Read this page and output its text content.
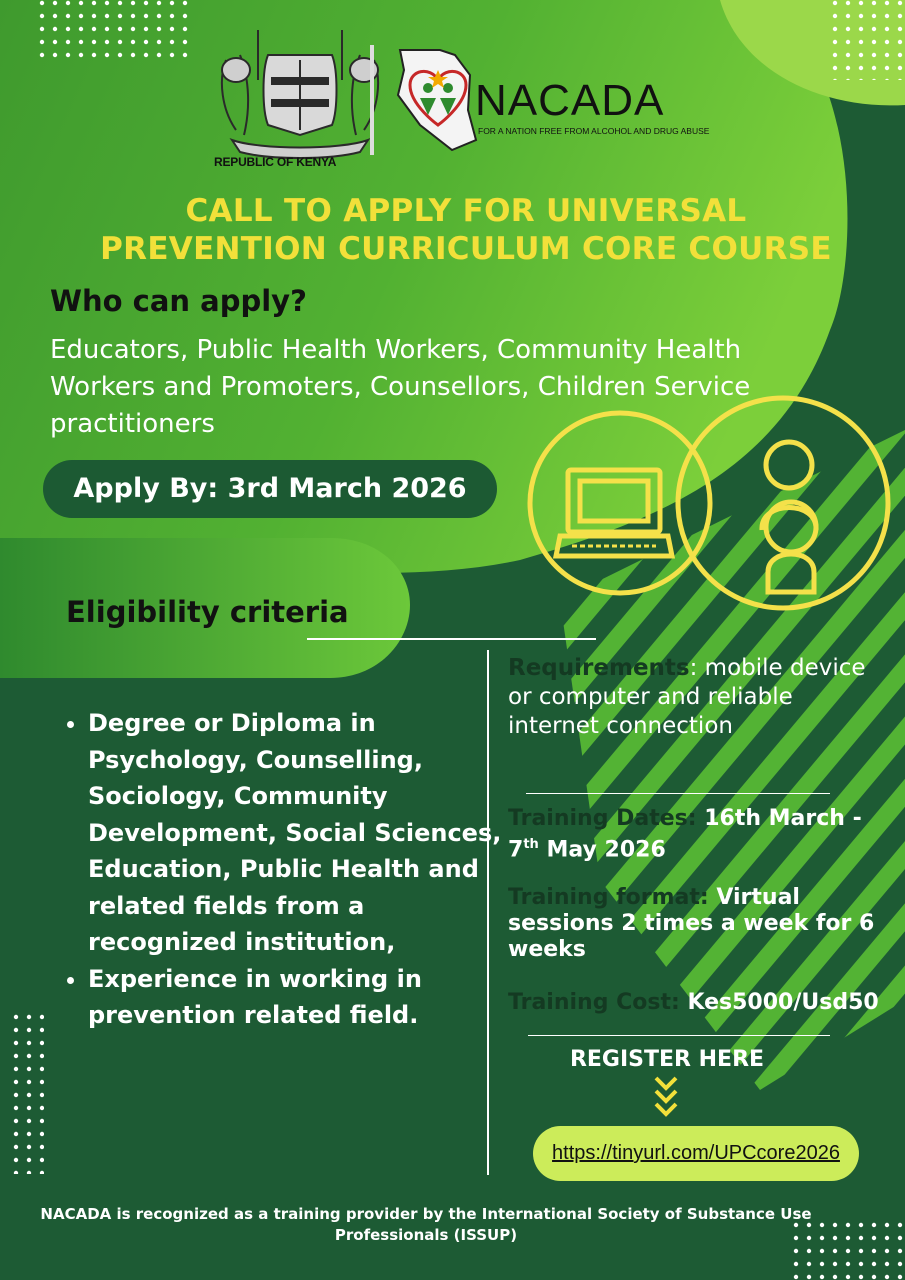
REPUBLIC OF KENYA
NACADA
FOR A NATION FREE FROM ALCOHOL AND DRUG ABUSE
CALL TO APPLY FOR UNIVERSAL
PREVENTION CURRICULUM CORE COURSE
Who can apply?
Educators, Public Health Workers, Community Health Workers and Promoters, Counsellors, Children Service practitioners
Apply By: 3rd March 2026
Eligibility criteria
• Degree or Diploma in Psychology, Counselling, Sociology, Community Development, Social Sciences, Education, Public Health and related fields from a recognized institution,
• Experience in working in prevention related field.
Requirements: mobile device or computer and reliable internet connection
Training Dates: 16th March - 7th May 2026
Training format: Virtual sessions 2 times a week for 6 weeks
Training Cost: Kes5000/Usd50
REGISTER HERE
https://tinyurl.com/UPCcore2026
NACADA is recognized as a training provider by the International Society of Substance Use Professionals (ISSUP)
